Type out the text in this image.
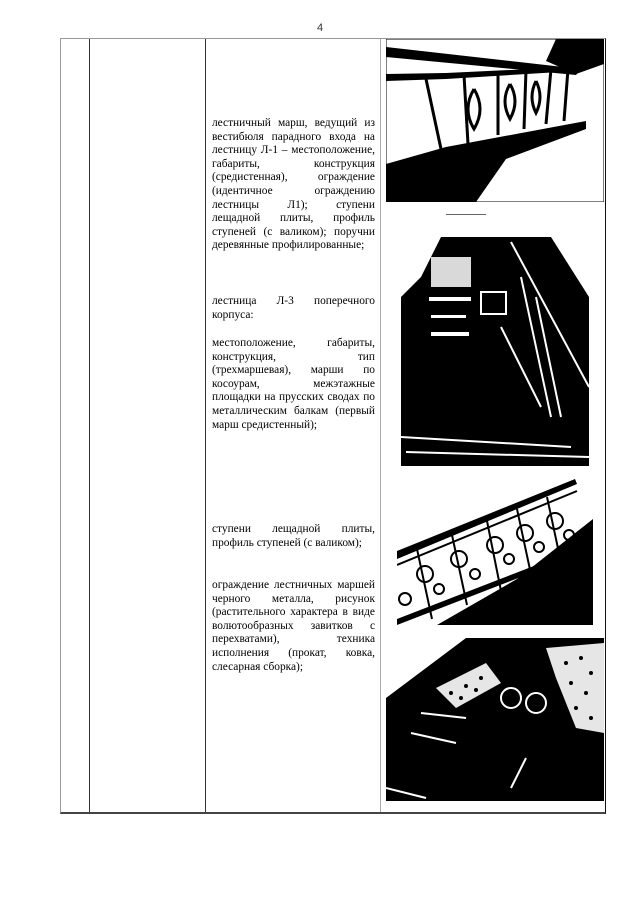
4

лестничный марш, ведущий из вестибюля парадного входа на лестницу Л-1 – местоположение, габариты, конструкция (средистенная), ограждение (идентичное ограждению лестницы Л1); ступени лещадной плиты, профиль ступеней (с валиком); поручни деревянные профилированные;

лестница Л-3 поперечного корпуса:

местоположение, габариты, конструкция, тип (трехмаршевая), марши по косоурам, межэтажные площадки на прусских сводах по металлическим балкам (первый марш средистенный);

ступени лещадной плиты, профиль ступеней (с валиком);

ограждение лестничных маршей черного металла, рисунок (растительного характера в виде волютообразных завитков с перехватами), техника исполнения (прокат, ковка, слесарная сборка);
